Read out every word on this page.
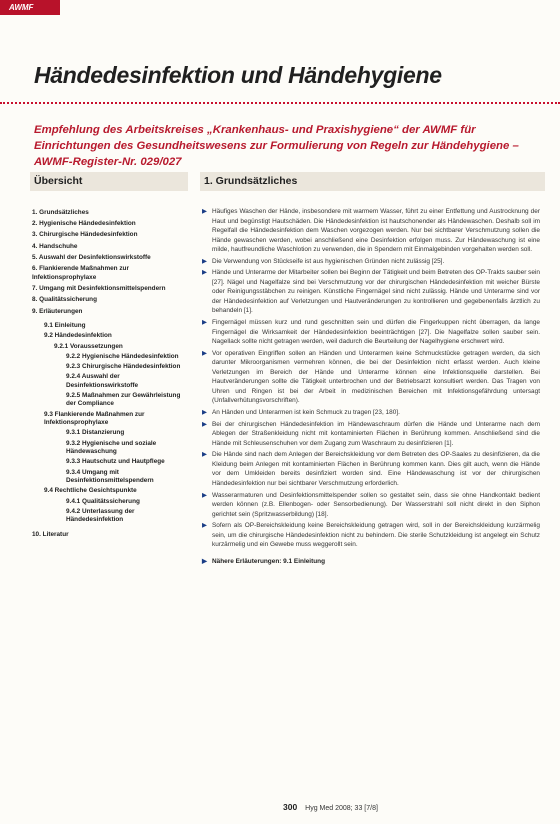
AWMF
Händedesinfektion und Händehygiene

Empfehlung des Arbeitskreises „Krankenhaus- und Praxishygiene“ der AWMF für Einrichtungen des Gesundheitswesens zur Formulierung von Regeln zur Händehygiene – AWMF-Register-Nr. 029/027

Übersicht	1. Grundsätzliches
1. Grundsätzliches
2. Hygienische Händedesinfektion
3. Chirurgische Händedesinfektion
4. Handschuhe
5. Auswahl der Desinfektionswirkstoffe
6. Flankierende Maßnahmen zur Infektionsprophylaxe
7. Umgang mit Desinfektionsmittelspendern
8. Qualitätssicherung
9. Erläuterungen
9.1 Einleitung
9.2 Händedesinfektion
9.2.1 Voraussetzungen
9.2.2 Hygienische Händedesinfektion
9.2.3 Chirurgische Händedesinfektion
9.2.4 Auswahl der Desinfektionswirkstoffe
9.2.5 Maßnahmen zur Gewährleistung der Compliance
9.3 Flankierende Maßnahmen zur Infektionsprophylaxe
9.3.1 Distanzierung
9.3.2 Hygienische und soziale Händewaschung
9.3.3 Hautschutz und Hautpflege
9.3.4 Umgang mit Desinfektionsmittelspendern
9.4 Rechtliche Gesichtspunkte
9.4.1 Qualitätssicherung
9.4.2 Unterlassung der Händedesinfektion
10. Literatur
▶ Häufiges Waschen der Hände, insbesondere mit warmem Wasser, führt zu einer Entfettung und Austrocknung der Haut und begünstigt Hautschäden. Die Händedesinfektion ist hautschonender als Händewaschen. Deshalb soll im Regelfall die Händedesinfektion dem Waschen vorgezogen werden. Nur bei sichtbarer Verschmutzung sollen die Hände gewaschen werden, wobei anschließend eine Desinfektion erfolgen muss. Zur Händewaschung ist eine milde, hautfreundliche Waschlotion zu verwenden, die in Spendern mit Einmalgebinden vorgehalten werden soll.
▶ Die Verwendung von Stückseife ist aus hygienischen Gründen nicht zulässig [25].
▶ Hände und Unterarme der Mitarbeiter sollen bei Beginn der Tätigkeit und beim Betreten des OP-Trakts sauber sein [27]. Nägel und Nagelfalze sind bei Verschmutzung vor der chirurgischen Händedesinfektion mit weicher Bürste oder Reinigungsstäbchen zu reinigen. Künstliche Fingernägel sind nicht zulässig. Hände und Unterarme sind vor der Händedesinfektion auf Verletzungen und Hautveränderungen zu kontrollieren und gegebenenfalls ärztlich zu behandeln [1].
▶ Fingernägel müssen kurz und rund geschnitten sein und dürfen die Fingerkuppen nicht überragen, da lange Fingernägel die Wirksamkeit der Händedesinfektion beeinträchtigen [27]. Die Nagelfalze sollen sauber sein. Nagellack sollte nicht getragen werden, weil dadurch die Beurteilung der Nagelhygiene erschwert wird.
▶ Vor operativen Eingriffen sollen an Händen und Unterarmen keine Schmuckstücke getragen werden, da sich darunter Mikroorganismen vermehren können, die bei der Desinfektion nicht erfasst werden. Auch kleine Verletzungen im Bereich der Hände und Unterarme können eine Infektionsquelle darstellen. Bei Hautveränderungen sollte die Tätigkeit unterbrochen und der Betriebsarzt konsultiert werden. Das Tragen von Uhren und Ringen ist bei der Arbeit in medizinischen Bereichen mit Infektionsgefährdung untersagt (Unfallverhütungsvorschriften).
▶ An Händen und Unterarmen ist kein Schmuck zu tragen [23, 180].
▶ Bei der chirurgischen Händedesinfektion im Händewaschraum dürfen die Hände und Unterarme nach dem Ablegen der Straßenkleidung nicht mit kontaminierten Flächen in Berührung kommen. Anschließend sind die Hände mit Schleusenschuhen vor dem Zugang zum Waschraum zu desinfizieren [1].
▶ Die Hände sind nach dem Anlegen der Bereichskleidung vor dem Betreten des OP-Saales zu desinfizieren, da die Kleidung beim Anlegen mit kontaminierten Flächen in Berührung kommen kann. Dies gilt auch, wenn die Hände vor dem Umkleiden bereits desinfiziert worden sind. Eine Händewaschung ist vor der chirurgischen Händedesinfektion nur bei sichtbarer Verschmutzung erforderlich.
▶ Wasserarmaturen und Desinfektionsmittelspender sollen so gestaltet sein, dass sie ohne Handkontakt bedient werden können (z.B. Ellenbogen- oder Sensorbedienung). Der Wasserstrahl soll nicht direkt in den Siphon gerichtet sein (Spritzwasserbildung) [18].
▶ Sofern als OP-Bereichskleidung keine Bereichskleidung getragen wird, soll in der Bereichskleidung kurzärmelig sein, um die chirurgische Händedesinfektion nicht zu behindern. Die sterile Schutzkleidung ist angelegt ein Schutz kurzärmelig und ein Gewebe muss weggerollt sein.
▶ Nähere Erläuterungen: 9.1 Einleitung
300 Hyg Med 2008; 33 [7/8]
